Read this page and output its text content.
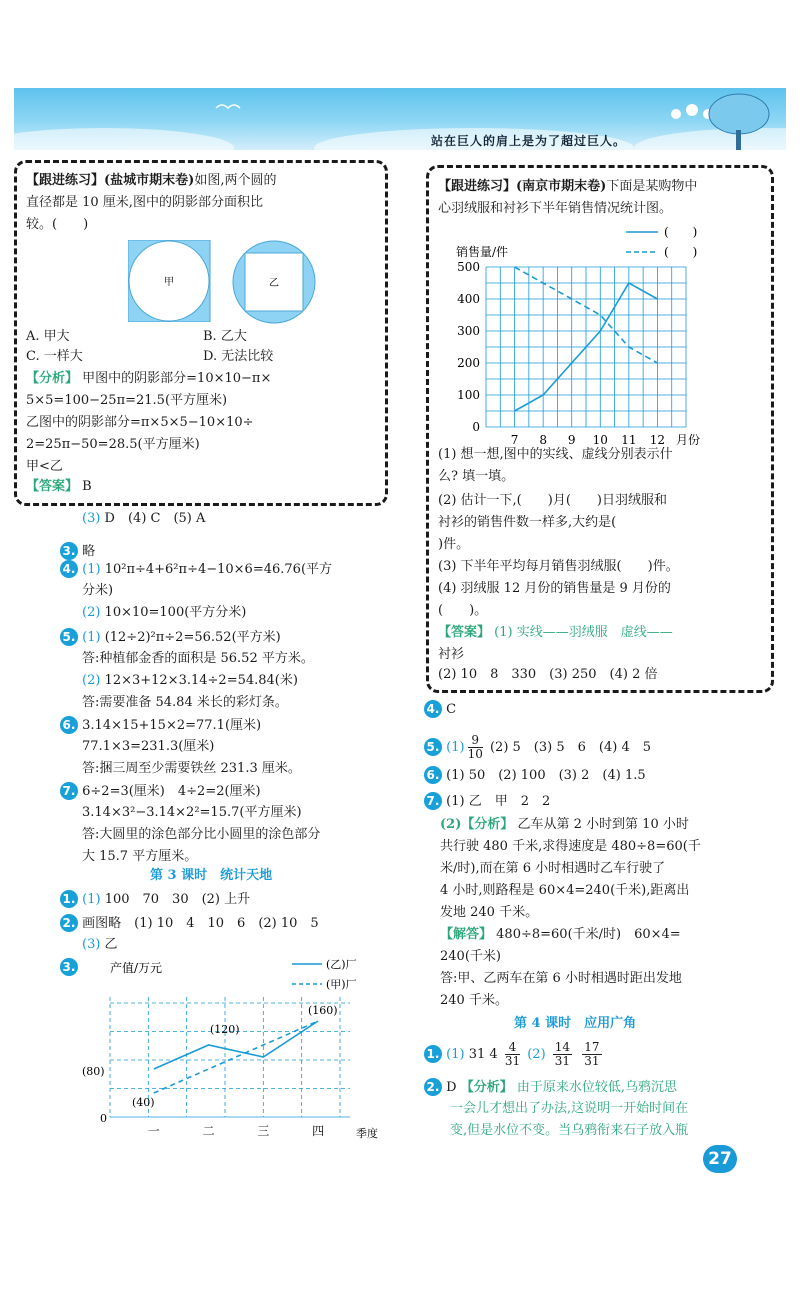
站在巨人的肩上是为了超过巨人。
【跟进练习】(盐城市期末卷)如图,两个圆的
直径都是 10 厘米,图中的阴影部分面积比
较。(　　)
甲	乙
A. 甲大	B. 乙大
C. 一样大	D. 无法比较
【分析】 甲图中的阴影部分=10×10−π×
5×5=100−25π=21.5(平方厘米)
乙图中的阴影部分=π×5×5−10×10÷
2=25π−50=28.5(平方厘米)
甲<乙
【答案】 B
(3) D　(4) C　(5) A
3. 略
4. (1) 10²π÷4+6²π÷4−10×6=46.76(平方
分米)
(2) 10×10=100(平方分米)
5. (1) (12÷2)²π÷2=56.52(平方米)
答:种植郁金香的面积是 56.52 平方米。
(2) 12×3+12×3.14÷2=54.84(米)
答:需要准备 54.84 米长的彩灯条。
6. 3.14×15+15×2=77.1(厘米)
77.1×3=231.3(厘米)
答:捆三周至少需要铁丝 231.3 厘米。
7. 6÷2=3(厘米)　4÷2=2(厘米)
3.14×3²−3.14×2²=15.7(平方厘米)
答:大圆里的涂色部分比小圆里的涂色部分
大 15.7 平方厘米。
第 3 课时　统计天地
1. (1) 100　70　30　(2) 上升
2. 画图略　(1) 10　4　10　6　(2) 10　5
(3) 乙
3.	产值/万元	(乙)厂
(甲)厂
一	二	三	四
0
季度
(80)
(40)
(120)
(160)
【跟进练习】(南京市期末卷)下面是某购物中
心羽绒服和衬衫下半年销售情况统计图。
(　　)
(　　)
销售量/件
0
100
200
300
400
500
7 8 9 10 11 12 月份
(1) 想一想,图中的实线、虚线分别表示什
么? 填一填。
(2) 估计一下,(　　)月(　　)日羽绒服和
衬衫的销售件数一样多,大约是(
)件。
(3) 下半年平均每月销售羽绒服(　　)件。
(4) 羽绒服 12 月份的销售量是 9 月份的
(　　)。
【答案】 (1) 实线——羽绒服　虚线——
衬衫
(2) 10　8　330　(3) 250　(4) 2 倍
4. C
5. $(1) \frac{9}{10} (2)$ 5　(3) 5　6　(4) 4　5
6. (1) 50　(2) 100　(3) 2　(4) 1.5
7. (1) 乙　甲　2　2
(2)【分析】 乙车从第 2 小时到第 10 小时
共行驶 480 千米,求得速度是 480÷8=60(千
米/时),而在第 6 小时相遇时乙车行驶了
4 小时,则路程是 60×4=240(千米),距离出
发地 240 千米。
【解答】 480÷8=60(千米/时)　60×4=
240(千米)
答:甲、乙两车在第 6 小时相遇时距出发地
240 千米。
第 4 课时　应用广角
1. (1) 31 $4 \frac{4}{31} (2) \frac{14}{31}$
$\frac{17}{31}$
2. D 【分析】 由于原来水位较低,乌鸦沉思
一会儿才想出了办法,这说明一开始时间在
变,但是水位不变。当乌鸦衔来石子放入瓶
27
